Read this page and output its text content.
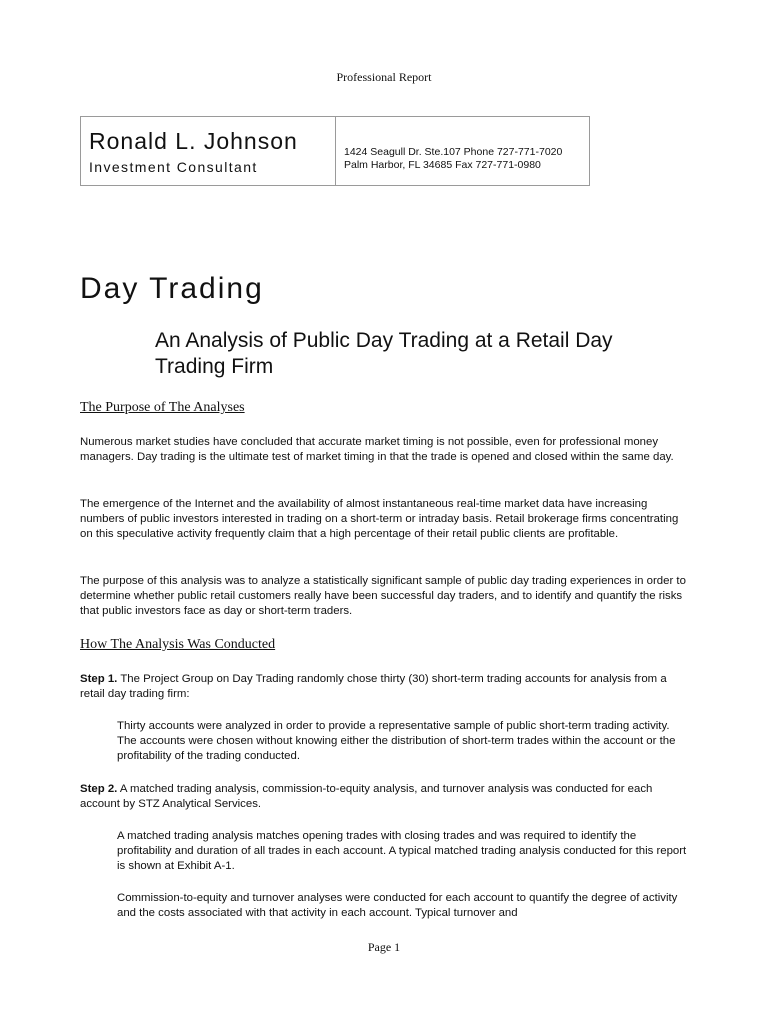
Professional Report
Ronald L. Johnson
Investment Consultant
1424 Seagull Dr. Ste.107 Phone 727-771-7020
Palm Harbor, FL 34685 Fax 727-771-0980
Day Trading
An Analysis of Public Day Trading at a Retail Day Trading Firm
The Purpose of The Analyses

Numerous market studies have concluded that accurate market timing is not possible, even for professional money managers. Day trading is the ultimate test of market timing in that the trade is opened and closed within the same day.

The emergence of the Internet and the availability of almost instantaneous real-time market data have increasing numbers of public investors interested in trading on a short-term or intraday basis. Retail brokerage firms concentrating on this speculative activity frequently claim that a high percentage of their retail public clients are profitable.

The purpose of this analysis was to analyze a statistically significant sample of public day trading experiences in order to determine whether public retail customers really have been successful day traders, and to identify and quantify the risks that public investors face as day or short-term traders.

How The Analysis Was Conducted

Step 1. The Project Group on Day Trading randomly chose thirty (30) short-term trading accounts for analysis from a retail day trading firm:

Thirty accounts were analyzed in order to provide a representative sample of public short-term trading activity. The accounts were chosen without knowing either the distribution of short-term trades within the account or the profitability of the trading conducted.

Step 2. A matched trading analysis, commission-to-equity analysis, and turnover analysis was conducted for each account by STZ Analytical Services.

A matched trading analysis matches opening trades with closing trades and was required to identify the profitability and duration of all trades in each account. A typical matched trading analysis conducted for this report is shown at Exhibit A-1.

Commission-to-equity and turnover analyses were conducted for each account to quantify the degree of activity and the costs associated with that activity in each account. Typical turnover and

Page 1
